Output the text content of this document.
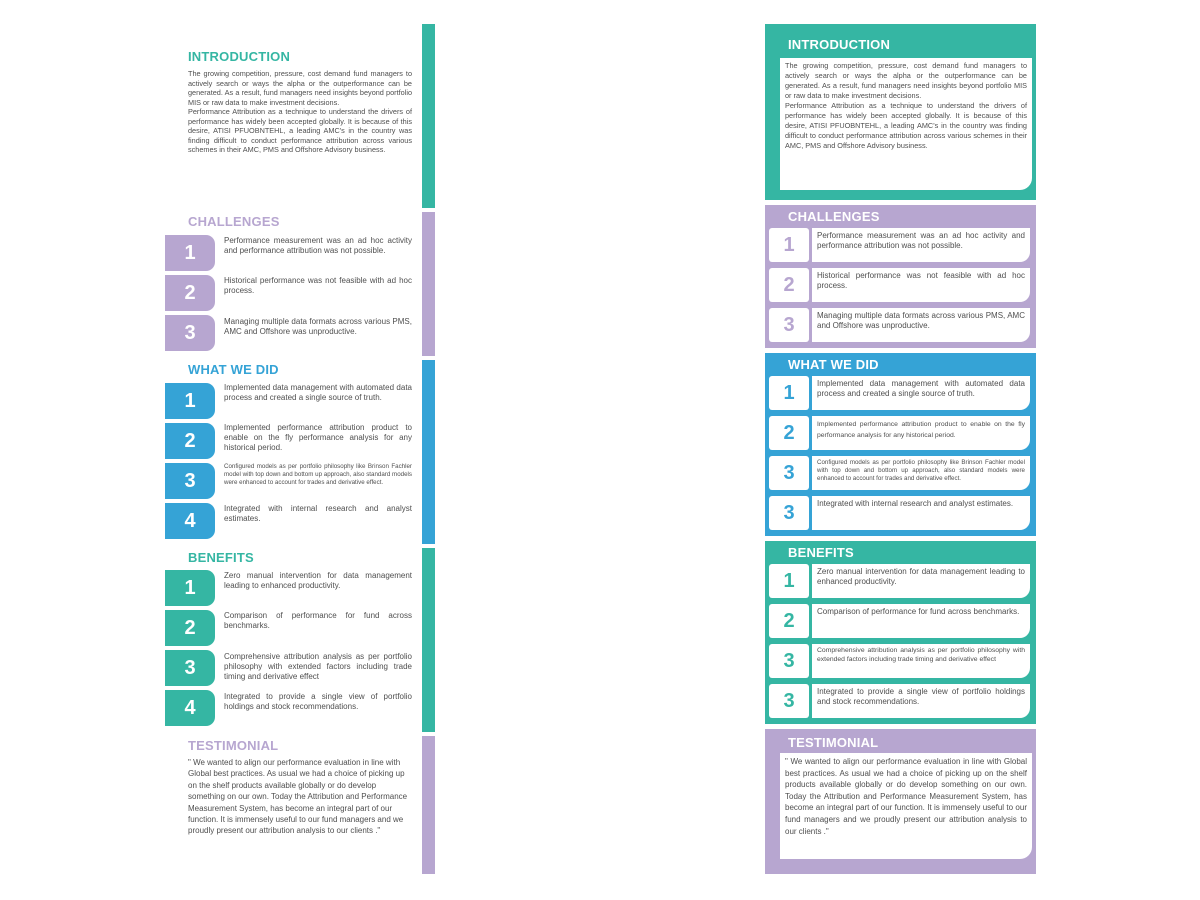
INTRODUCTION
The growing competition, pressure, cost demand fund managers to actively search or ways the alpha or the outperformance can be generated. As a result, fund managers need insights beyond portfolio MIS or raw data to make investment decisions.
Performance Attribution as a technique to understand the drivers of performance has widely been accepted globally. It is because of this desire, ATISI PFUOBNTEHL, a leading AMC's in the country was finding difficult to conduct performance attribution across various schemes in their AMC, PMS and Offshore Advisory business.
CHALLENGES
1
Performance measurement was an ad hoc activity and performance attribution was not possible.
2
Historical performance was not feasible with ad hoc process.
3	Managing multiple data formats across various PMS, AMC and Offshore was unproductive.
WHAT WE DID
1
Implemented data management with automated data process and created a single source of truth.
2
Implemented performance attribution product to enable on the fly performance analysis for any historical period.
3
Configured models as per portfolio philosophy like Brinson Fachler model with top down and bottom up approach, also standard models were enhanced to account for trades and derivative effect.
4
Integrated with internal research and analyst estimates.
BENEFITS
1
Zero manual intervention for data management leading to enhanced productivity.
2
Comparison of performance for fund across benchmarks.
3	Comprehensive attribution analysis as per portfolio philosophy with extended factors including trade timing and derivative effect
4	Integrated to provide a single view of portfolio holdings and stock recommendations.
TESTIMONIAL
" We wanted to align our performance evaluation in line with Global best practices. As usual we had a choice of picking up on the shelf products available globally or do develop something on our own. Today the Attribution and Performance Measurement System, has become an integral part of our function. It is immensely useful to our fund managers and we proudly present our attribution analysis to our clients ."
INTRODUCTION
The growing competition, pressure, cost demand fund managers to actively search or ways the alpha or the outperformance can be generated. As a result, fund managers need insights beyond portfolio MIS or raw data to make investment decisions.
Performance Attribution as a technique to understand the drivers of performance has widely been accepted globally. It is because of this desire, ATISI PFUOBNTEHL, a leading AMC's in the country was finding difficult to conduct performance attribution across various schemes in their AMC, PMS and Offshore Advisory business.
CHALLENGES
1	Performance measurement was an ad hoc activity and performance attribution was not possible.
2	Historical performance was not feasible with ad hoc process.
3	Managing multiple data formats across various PMS, AMC and Offshore was unproductive.
WHAT WE DID
1	Implemented data management with automated data process and created a single source of truth.
2	Implemented performance attribution product to enable on the fly performance analysis for any historical period.
3	Configured models as per portfolio philosophy like Brinson Fachler model with top down and bottom up approach, also standard models were enhanced to account for trades and derivative effect.
3	Integrated with internal research and analyst estimates.
BENEFITS
1	Zero manual intervention for data management leading to enhanced productivity.
2	Comparison of performance for fund across benchmarks.
3	Comprehensive attribution analysis as per portfolio philosophy with extended factors including trade timing and derivative effect
3	Integrated to provide a single view of portfolio holdings and stock recommendations.
TESTIMONIAL
" We wanted to align our performance evaluation in line with Global best practices. As usual we had a choice of picking up on the shelf products available globally or do develop something on our own. Today the Attribution and Performance Measurement System, has become an integral part of our function. It is immensely useful to our fund managers and we proudly present our attribution analysis to our clients ."
